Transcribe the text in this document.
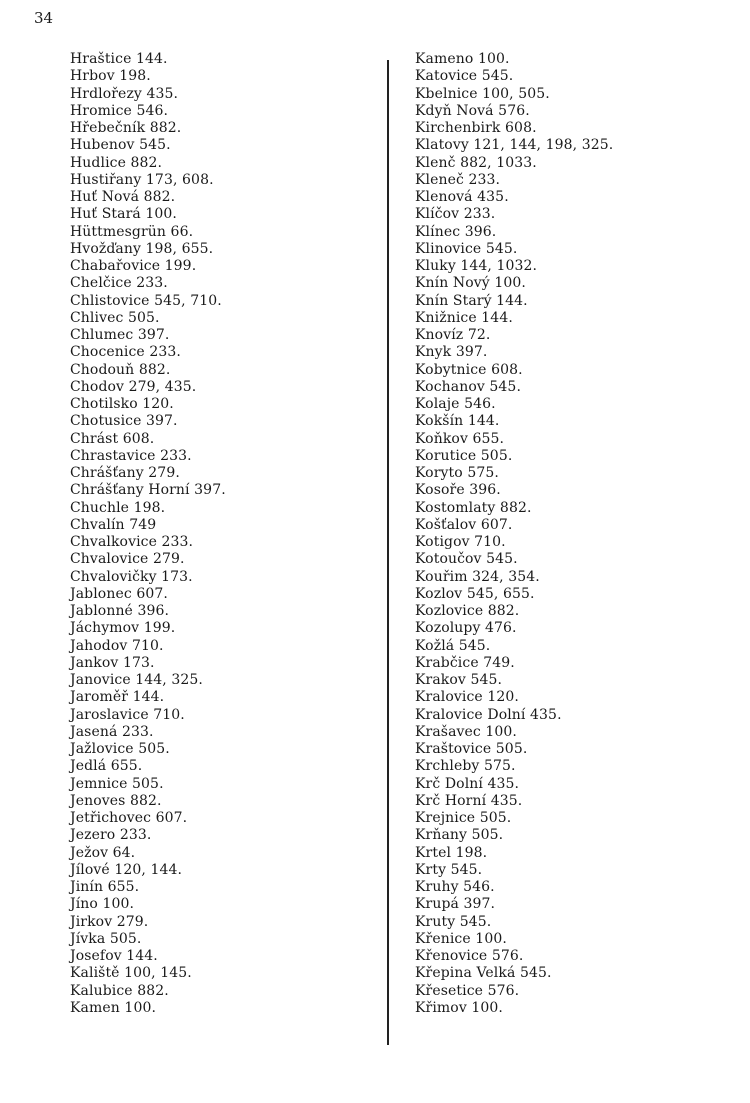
34
Hraštice 144.
Hrbov 198.
Hrdlořezy 435.
Hromice 546.
Hřebečník 882.
Hubenov 545.
Hudlice 882.
Hustiřany 173, 608.
Huť Nová 882.
Huť Stará 100.
Hüttmesgrün 66.
Hvožďany 198, 655.
Chabařovice 199.
Chelčice 233.
Chlistovice 545, 710.
Chlivec 505.
Chlumec 397.
Chocenice 233.
Chodouň 882.
Chodov 279, 435.
Chotilsko 120.
Chotusice 397.
Chrást 608.
Chrastavice 233.
Chrášťany 279.
Chrášťany Horní 397.
Chuchle 198.
Chvalín 749
Chvalkovice 233.
Chvalovice 279.
Chvalovičky 173.
Jablonec 607.
Jablonné 396.
Jáchymov 199.
Jahodov 710.
Jankov 173.
Janovice 144, 325.
Jaroměř 144.
Jaroslavice 710.
Jasená 233.
Jažlovice 505.
Jedlá 655.
Jemnice 505.
Jenoves 882.
Jetřichovec 607.
Jezero 233.
Ježov 64.
Jílové 120, 144.
Jinín 655.
Jíno 100.
Jirkov 279.
Jívka 505.
Josefov 144.
Kaliště 100, 145.
Kalubice 882.
Kamen 100.
Kameno 100.
Katovice 545.
Kbelnice 100, 505.
Kdyň Nová 576.
Kirchenbirk 608.
Klatovy 121, 144, 198, 325.
Klenč 882, 1033.
Kleneč 233.
Klenová 435.
Klíčov 233.
Klínec 396.
Klinovice 545.
Kluky 144, 1032.
Knín Nový 100.
Knín Starý 144.
Knižnice 144.
Knovíz 72.
Knyk 397.
Kobytnice 608.
Kochanov 545.
Kolaje 546.
Kokšín 144.
Koňkov 655.
Korutice 505.
Koryto 575.
Kosoře 396.
Kostomlaty 882.
Košťalov 607.
Kotigov 710.
Kotoučov 545.
Kouřim 324, 354.
Kozlov 545, 655.
Kozlovice 882.
Kozolupy 476.
Kožlá 545.
Krabčice 749.
Krakov 545.
Kralovice 120.
Kralovice Dolní 435.
Krašavec 100.
Kraštovice 505.
Krchleby 575.
Krč Dolní 435.
Krč Horní 435.
Krejnice 505.
Krňany 505.
Krtel 198.
Krty 545.
Kruhy 546.
Krupá 397.
Kruty 545.
Křenice 100.
Křenovice 576.
Křepina Velká 545.
Křesetice 576.
Křimov 100.
